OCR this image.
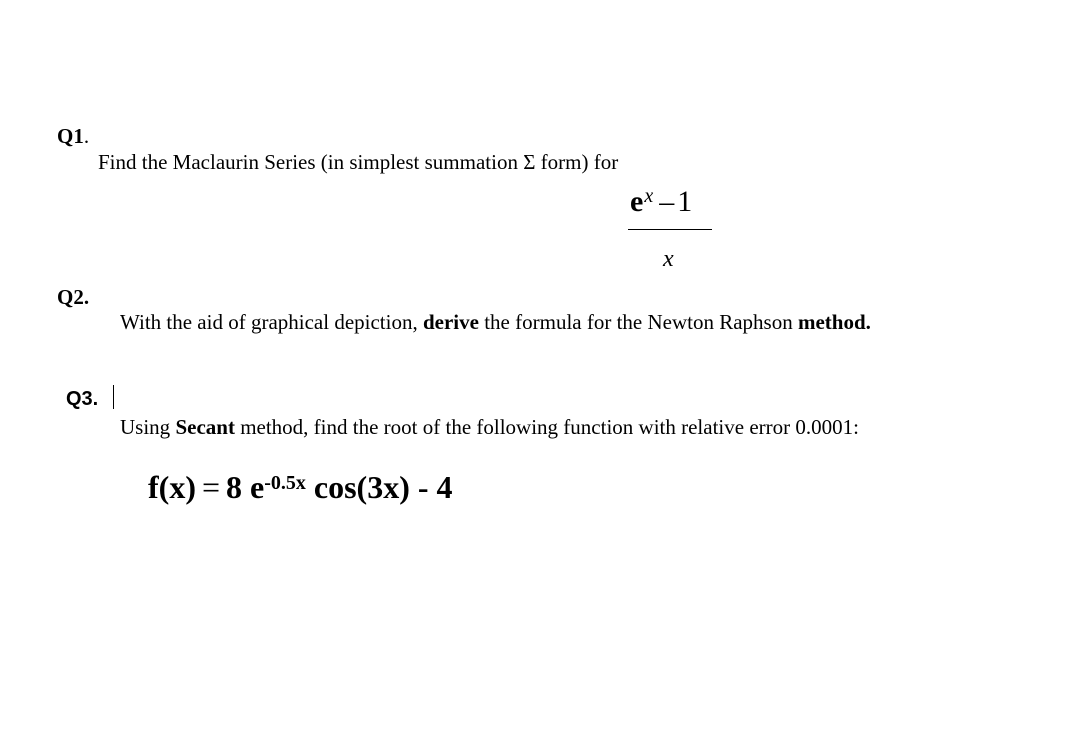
Q1.
Find the Maclaurin Series (in simplest summation Σ form) for
$e^x - 1$
x
Q2.
With the aid of graphical depiction, derive the formula for the Newton Raphson method.
Q3.
Using Secant method, find the root of the following function with relative error 0.0001:
f(x) = 8 $e^{-0.5x}$ cos(3x) - 4
